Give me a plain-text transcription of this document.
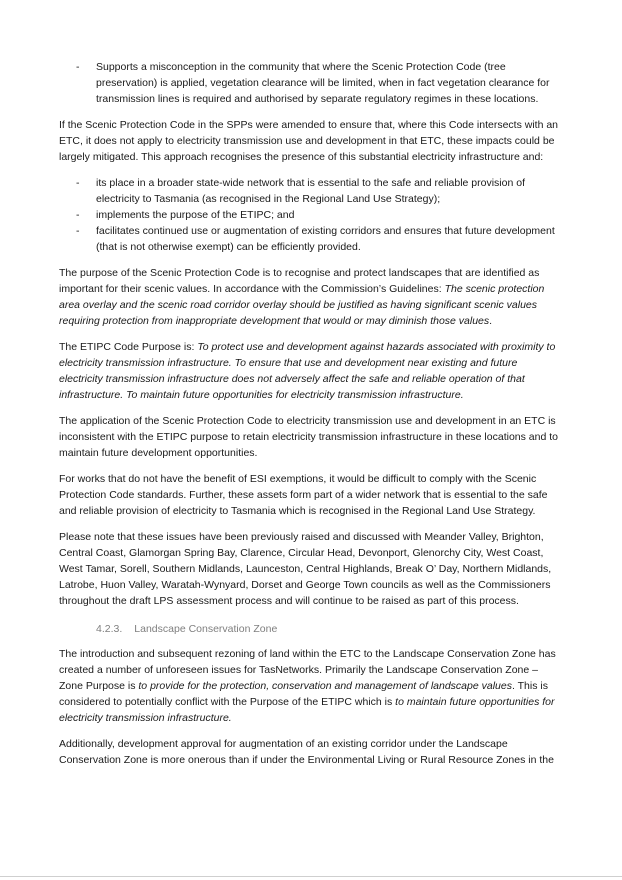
- Supports a misconception in the community that where the Scenic Protection Code (tree preservation) is applied, vegetation clearance will be limited, when in fact vegetation clearance for transmission lines is required and authorised by separate regulatory regimes in these locations.

If the Scenic Protection Code in the SPPs were amended to ensure that, where this Code intersects with an ETC, it does not apply to electricity transmission use and development in that ETC, these impacts could be largely mitigated. This approach recognises the presence of this substantial electricity infrastructure and:

- its place in a broader state-wide network that is essential to the safe and reliable provision of electricity to Tasmania (as recognised in the Regional Land Use Strategy);
- implements the purpose of the ETIPC; and
- facilitates continued use or augmentation of existing corridors and ensures that future development (that is not otherwise exempt) can be efficiently provided.

The purpose of the Scenic Protection Code is to recognise and protect landscapes that are identified as important for their scenic values. In accordance with the Commission’s Guidelines: The scenic protection area overlay and the scenic road corridor overlay should be justified as having significant scenic values requiring protection from inappropriate development that would or may diminish those values.

The ETIPC Code Purpose is: To protect use and development against hazards associated with proximity to electricity transmission infrastructure. To ensure that use and development near existing and future electricity transmission infrastructure does not adversely affect the safe and reliable operation of that infrastructure. To maintain future opportunities for electricity transmission infrastructure.

The application of the Scenic Protection Code to electricity transmission use and development in an ETC is inconsistent with the ETIPC purpose to retain electricity transmission infrastructure in these locations and to maintain future development opportunities.

For works that do not have the benefit of ESI exemptions, it would be difficult to comply with the Scenic Protection Code standards. Further, these assets form part of a wider network that is essential to the safe and reliable provision of electricity to Tasmania which is recognised in the Regional Land Use Strategy.

Please note that these issues have been previously raised and discussed with Meander Valley, Brighton, Central Coast, Glamorgan Spring Bay, Clarence, Circular Head, Devonport, Glenorchy City, West Coast, West Tamar, Sorell, Southern Midlands, Launceston, Central Highlands, Break O’ Day, Northern Midlands, Latrobe, Huon Valley, Waratah-Wynyard, Dorset and George Town councils as well as the Commissioners throughout the draft LPS assessment process and will continue to be raised as part of this process.

4.2.3. Landscape Conservation Zone

The introduction and subsequent rezoning of land within the ETC to the Landscape Conservation Zone has created a number of unforeseen issues for TasNetworks. Primarily the Landscape Conservation Zone – Zone Purpose is to provide for the protection, conservation and management of landscape values. This is considered to potentially conflict with the Purpose of the ETIPC which is to maintain future opportunities for electricity transmission infrastructure.

Additionally, development approval for augmentation of an existing corridor under the Landscape Conservation Zone is more onerous than if under the Environmental Living or Rural Resource Zones in the
